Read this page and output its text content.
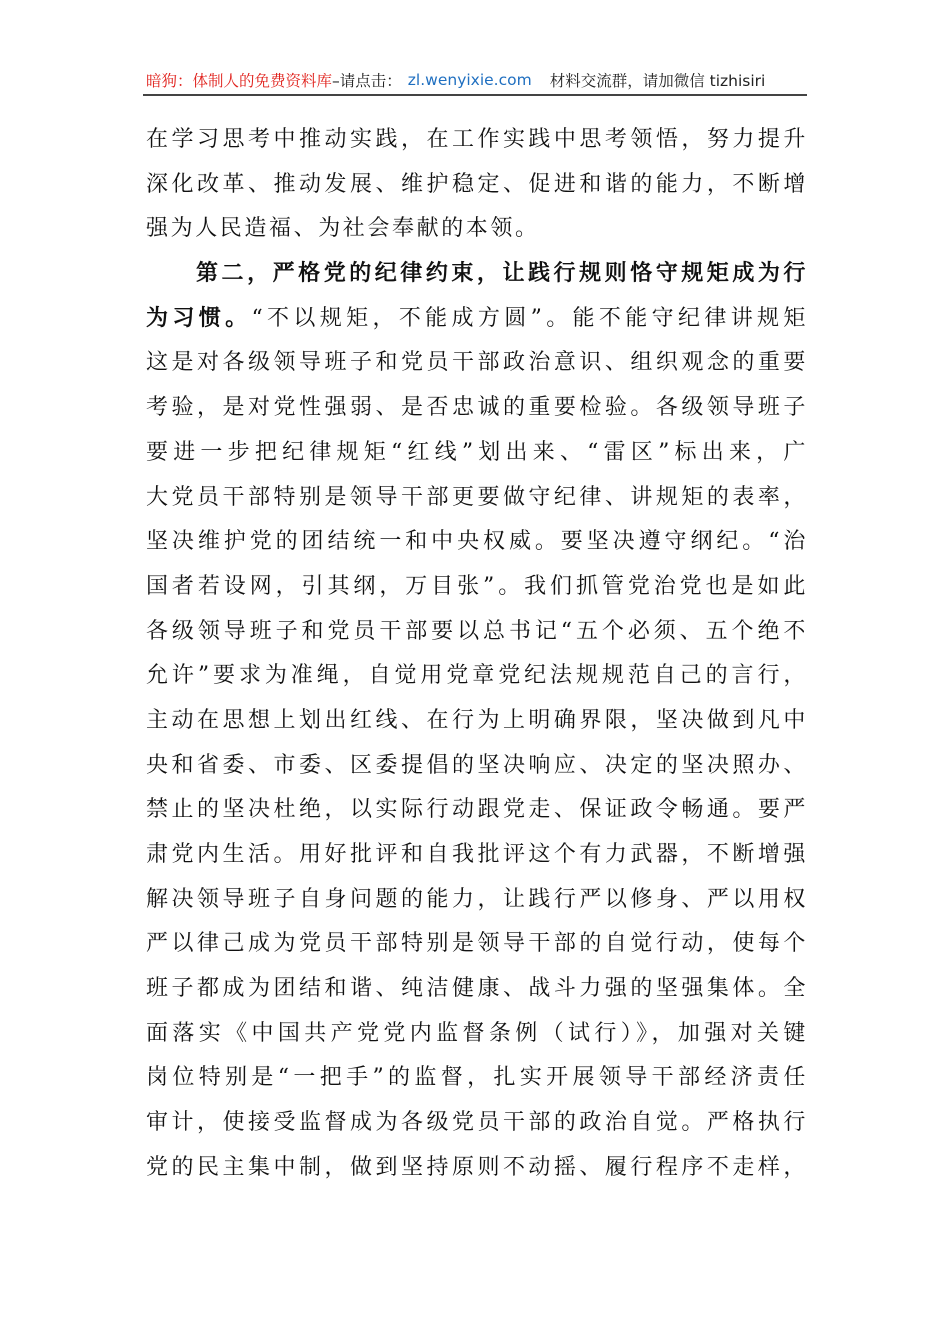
暗狗：体制人的免费资料库 –请点击： zl.wenyixie.com 材料交流群，请加微信 tizhisiri
在学习思考中推动实践，在工作实践中思考领悟，努力提升
深化改革、推动发展、维护稳定、促进和谐的能力，不断增
强为人民造福、为社会奉献的本领。
第二，严格党的纪律约束，让践行规则恪守规矩成为行
为习惯。“不以规矩，不能成方圆”。能不能守纪律讲规矩
这是对各级领导班子和党员干部政治意识、组织观念的重要
考验，是对党性强弱、是否忠诚的重要检验。各级领导班子
要进一步把纪律规矩“红线”划出来、“雷区”标出来，广
大党员干部特别是领导干部更要做守纪律、讲规矩的表率，
坚决维护党的团结统一和中央权威。要坚决遵守纲纪。“治
国者若设网，引其纲，万目张”。我们抓管党治党也是如此
各级领导班子和党员干部要以总书记“五个必须、五个绝不
允许”要求为准绳，自觉用党章党纪法规规范自己的言行，
主动在思想上划出红线、在行为上明确界限，坚决做到凡中
央和省委、市委、区委提倡的坚决响应、决定的坚决照办、
禁止的坚决杜绝，以实际行动跟党走、保证政令畅通。要严
肃党内生活。用好批评和自我批评这个有力武器，不断增强
解决领导班子自身问题的能力，让践行严以修身、严以用权
严以律己成为党员干部特别是领导干部的自觉行动，使每个
班子都成为团结和谐、纯洁健康、战斗力强的坚强集体。全
面落实《中国共产党党内监督条例（试行）》，加强对关键
岗位特别是“一把手”的监督，扎实开展领导干部经济责任
审计，使接受监督成为各级党员干部的政治自觉。严格执行
党的民主集中制，做到坚持原则不动摇、履行程序不走样，
